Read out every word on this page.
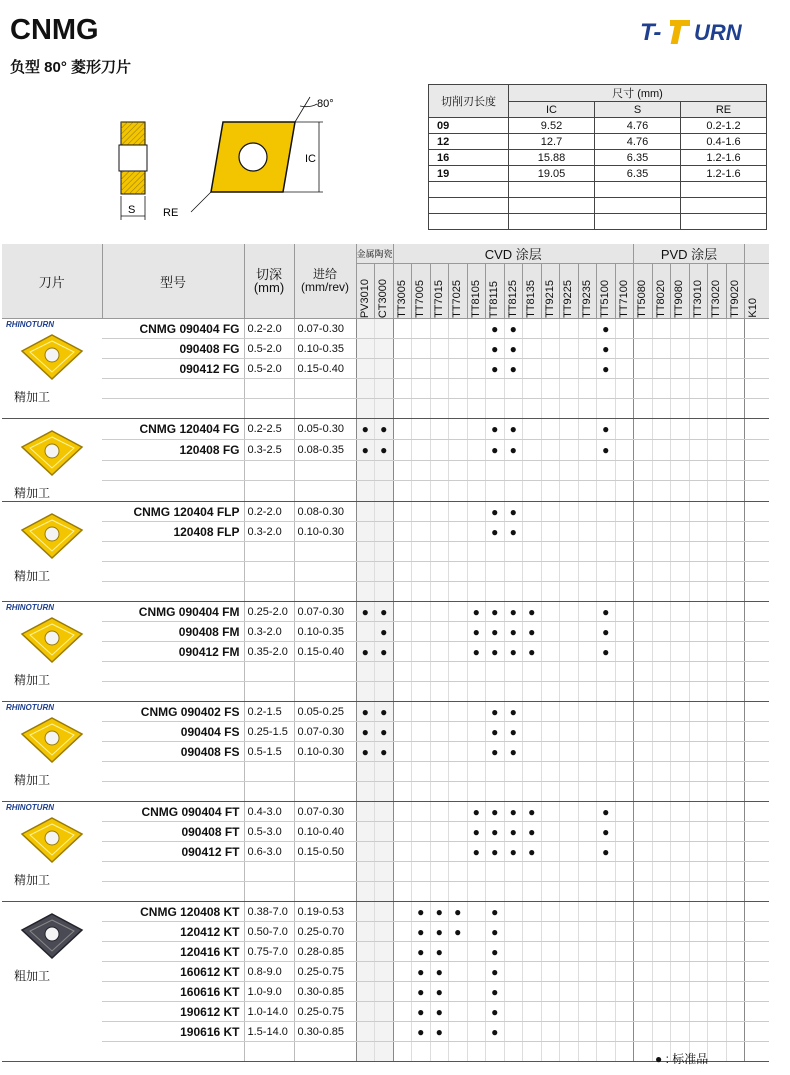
CNMG
负型 80° 菱形刀片
T- URN
S
IC
80°
RE
切削刃长度	尺寸 (mm)		
	IC	S	RE
09	9.52	4.76	0.2-1.2
12	12.7	4.76	0.4-1.6
16	15.88	6.35	1.2-1.6
19	19.05	6.35	1.2-1.6

刀片	型号	切深
(mm)	进给
(mm/rev)	金属陶瓷		CVD 涂层													PVD 涂层						

				PV3010	CT3000	TT3005	TT7005	TT7015	TT7025	TT8105	TT8115	TT8125	TT8135	TT9215	TT9225	TT9235	TT5100	TT7100	TT5080	TT8020	TT9080	TT3010	TT3020	TT9020	K10

RHINOTURN
精加工	CNMG 090404 FG	0.2-2.0	0.07-0.30								●	●					●								
	090408 FG	0.5-2.0	0.10-0.35								●	●					●								
	090412 FG	0.5-2.0	0.15-0.40								●	●					●								

精加工	CNMG 120404 FG	0.2-2.5	0.05-0.30	●	●						●	●					●								
	120408 FG	0.3-2.5	0.08-0.35	●	●						●	●					●								

精加工	CNMG 120404 FLP	0.2-2.0	0.08-0.30								●	●													
	120408 FLP	0.3-2.0	0.10-0.30								●	●													

RHINOTURN
精加工	CNMG 090404 FM	0.25-2.0	0.07-0.30	●	●					●	●	●	●				●								
	090408 FM	0.3-2.0	0.10-0.35		●					●	●	●	●				●								
	090412 FM	0.35-2.0	0.15-0.40	●	●					●	●	●	●				●								

RHINOTURN
精加工	CNMG 090402 FS	0.2-1.5	0.05-0.25	●	●						●	●													
	090404 FS	0.25-1.5	0.07-0.30	●	●						●	●													
	090408 FS	0.5-1.5	0.10-0.30	●	●						●	●													

RHINOTURN
精加工	CNMG 090404 FT	0.4-3.0	0.07-0.30							●	●	●	●				●								
	090408 FT	0.5-3.0	0.10-0.40							●	●	●	●				●								
	090412 FT	0.6-3.0	0.15-0.50							●	●	●	●				●								

粗加工	CNMG 120408 KT	0.38-7.0	0.19-0.53				●	●	●		●														
	120412 KT	0.50-7.0	0.25-0.70				●	●	●		●														
	120416 KT	0.75-7.0	0.28-0.85				●	●			●														
	160612 KT	0.8-9.0	0.25-0.75				●	●			●														
	160616 KT	1.0-9.0	0.30-0.85				●	●			●														
	190612 KT	1.0-14.0	0.25-0.75				●	●			●														
	190616 KT	1.5-14.0	0.30-0.85				●	●			●														

● : 标准品
